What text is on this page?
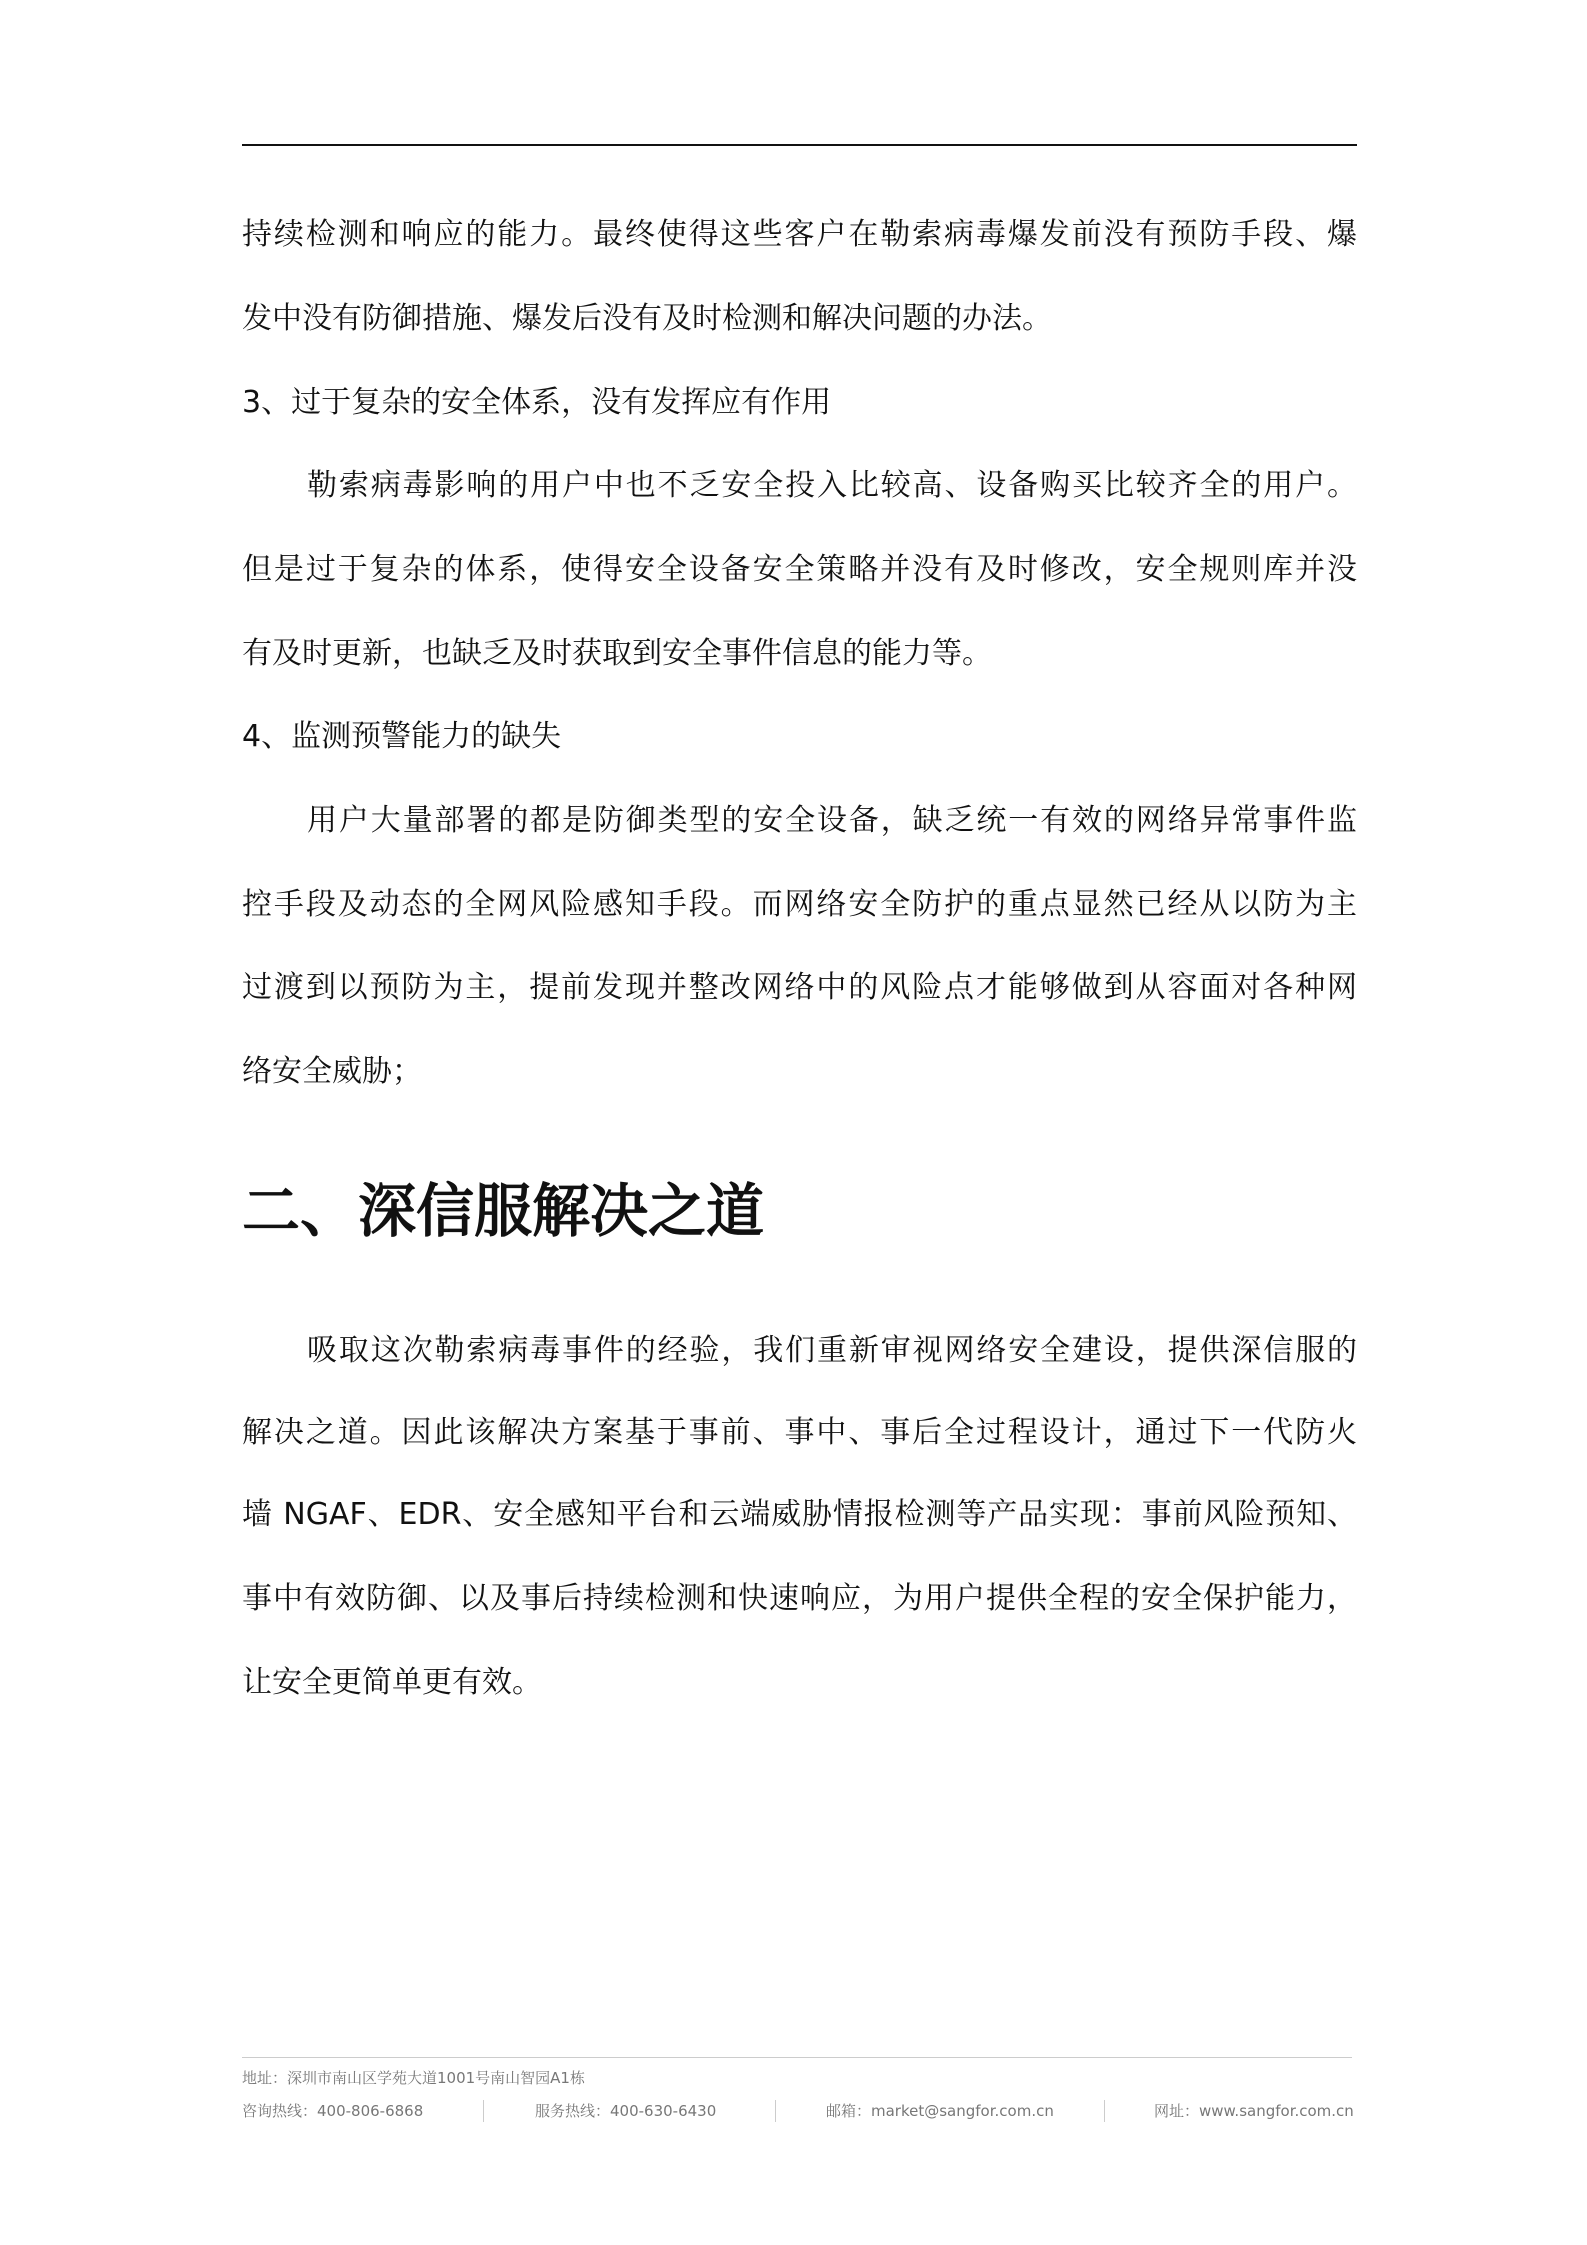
持续检测和响应的能力。最终使得这些客户在勒索病毒爆发前没有预防手段、爆
发中没有防御措施、爆发后没有及时检测和解决问题的办法。
3、过于复杂的安全体系，没有发挥应有作用
勒索病毒影响的用户中也不乏安全投入比较高、设备购买比较齐全的用户。
但是过于复杂的体系，使得安全设备安全策略并没有及时修改，安全规则库并没
有及时更新，也缺乏及时获取到安全事件信息的能力等。
4、监测预警能力的缺失
用户大量部署的都是防御类型的安全设备，缺乏统一有效的网络异常事件监
控手段及动态的全网风险感知手段。而网络安全防护的重点显然已经从以防为主
过渡到以预防为主，提前发现并整改网络中的风险点才能够做到从容面对各种网
络安全威胁；
二、深信服解决之道
吸取这次勒索病毒事件的经验，我们重新审视网络安全建设，提供深信服的
解决之道。因此该解决方案基于事前、事中、事后全过程设计，通过下一代防火
墙 NGAF、EDR、安全感知平台和云端威胁情报检测等产品实现：事前风险预知、
事中有效防御、以及事后持续检测和快速响应，为用户提供全程的安全保护能力，
让安全更简单更有效。
地址：深圳市南山区学苑大道1001号南山智园A1栋
咨询热线：400-806-6868	服务热线：400-630-6430	邮箱：market@sangfor.com.cn	网址：www.sangfor.com.cn
